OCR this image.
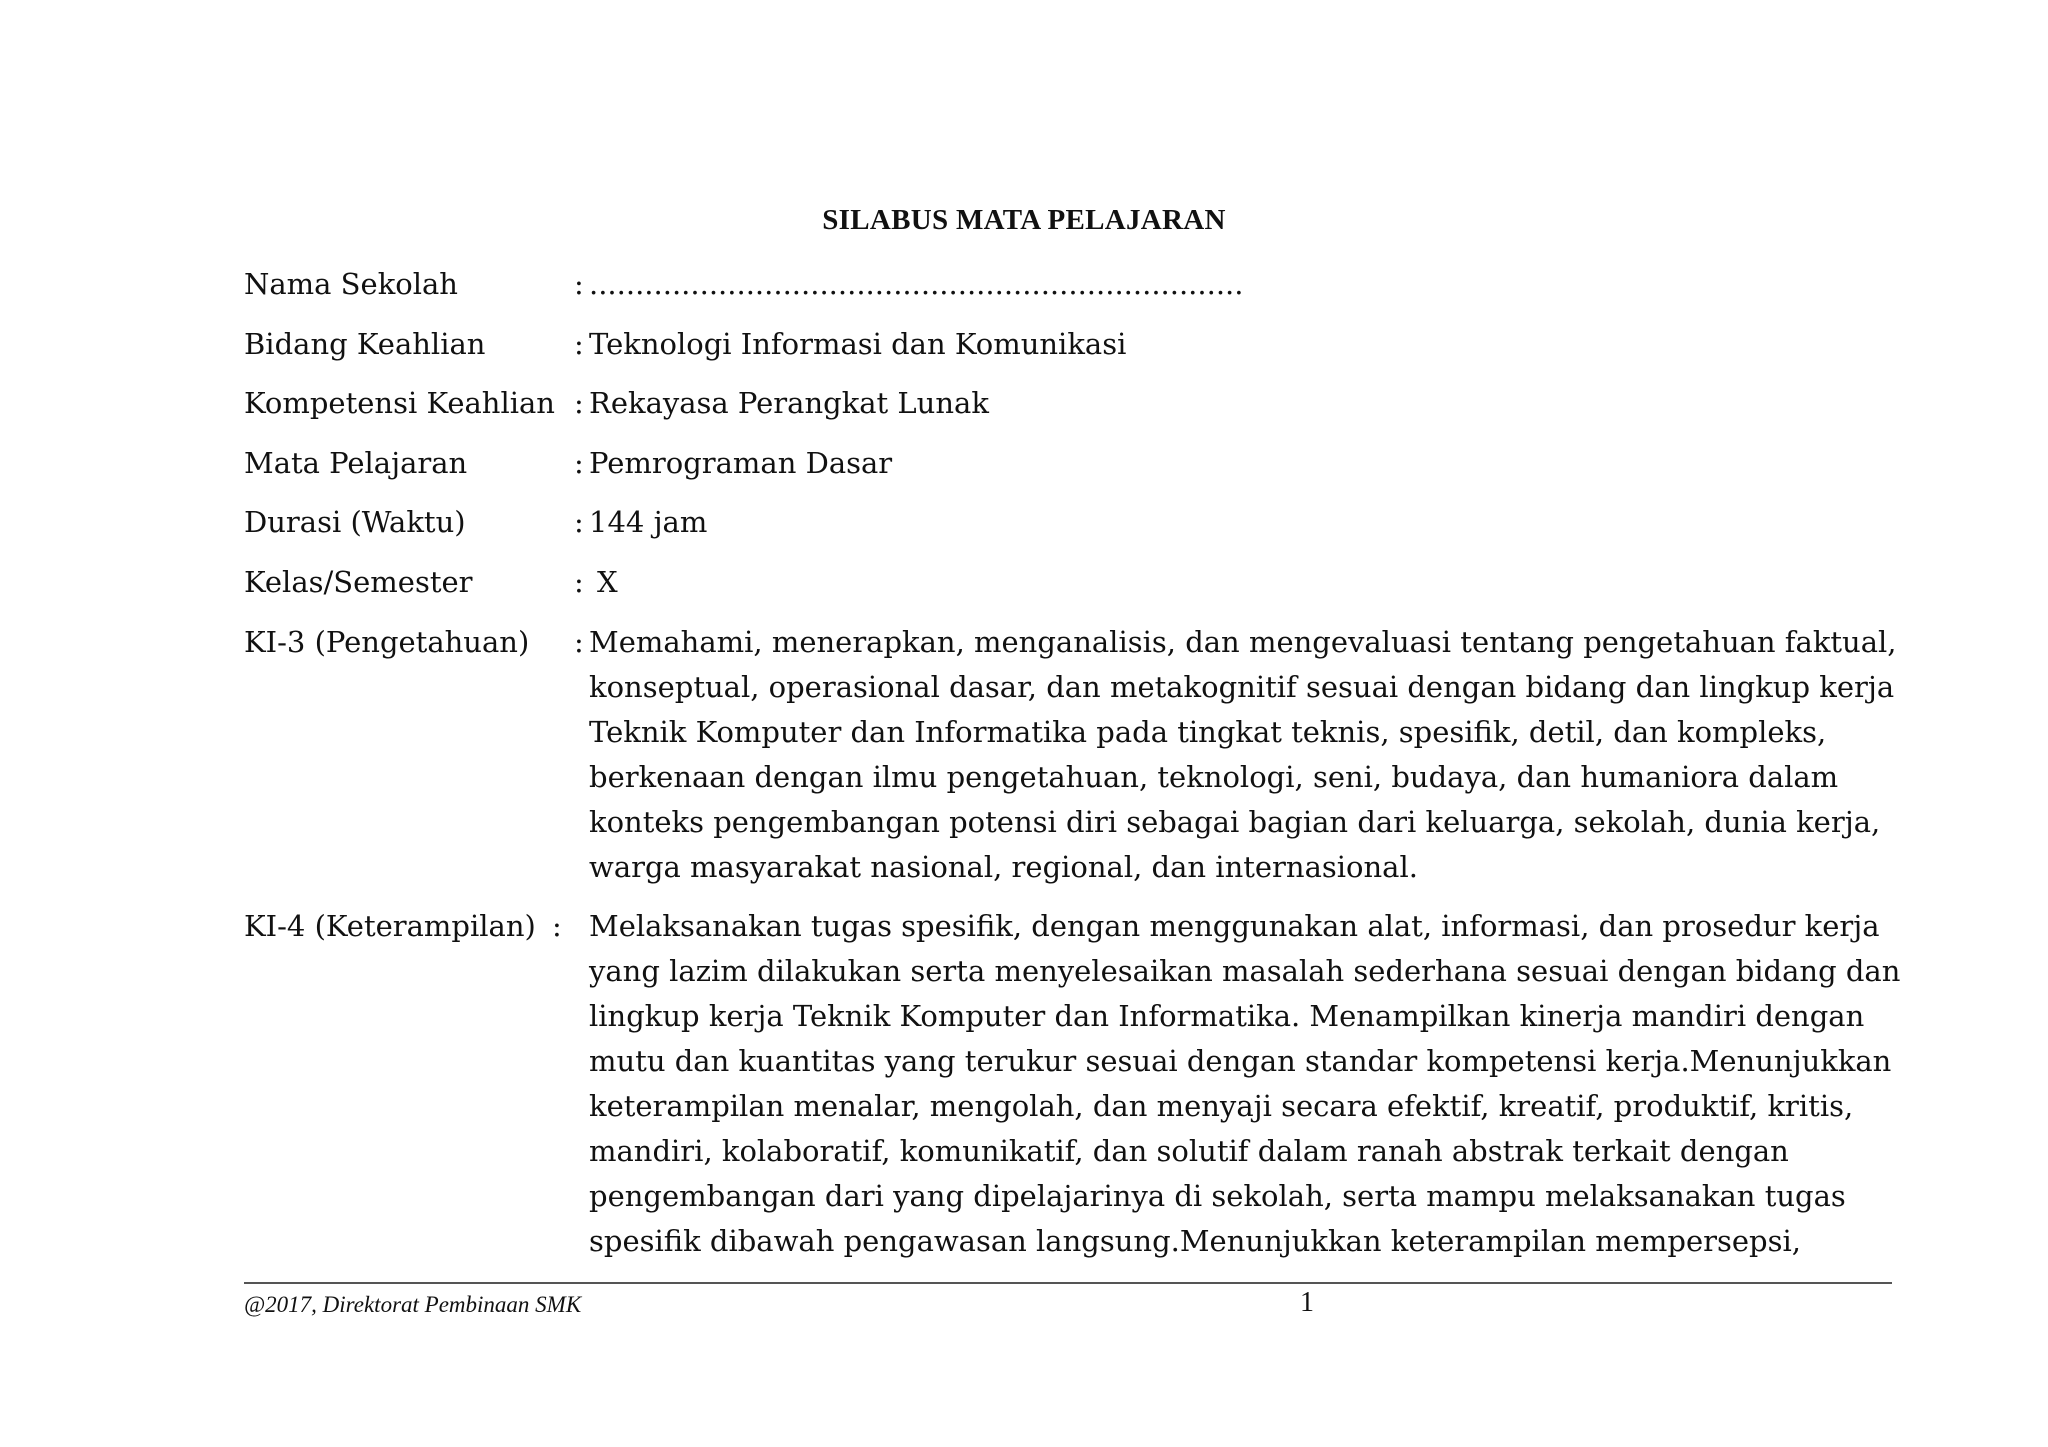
SILABUS MATA PELAJARAN
Nama Sekolah	: .......................................................................
Bidang Keahlian	: Teknologi Informasi dan Komunikasi
Kompetensi Keahlian : Rekayasa Perangkat Lunak
Mata Pelajaran	: Pemrograman Dasar
Durasi (Waktu)	: 144 jam
Kelas/Semester	: X
KI-3 (Pengetahuan) : Memahami, menerapkan, menganalisis, dan mengevaluasi tentang pengetahuan faktual,
konseptual, operasional dasar, dan metakognitif sesuai dengan bidang dan lingkup kerja
Teknik Komputer dan Informatika pada tingkat teknis, spesifik, detil, dan kompleks,
berkenaan dengan ilmu pengetahuan, teknologi, seni, budaya, dan humaniora dalam
konteks pengembangan potensi diri sebagai bagian dari keluarga, sekolah, dunia kerja,
warga masyarakat nasional, regional, dan internasional.
KI-4 (Keterampilan) : Melaksanakan tugas spesifik, dengan menggunakan alat, informasi, dan prosedur kerja
yang lazim dilakukan serta menyelesaikan masalah sederhana sesuai dengan bidang dan
lingkup kerja Teknik Komputer dan Informatika. Menampilkan kinerja mandiri dengan
mutu dan kuantitas yang terukur sesuai dengan standar kompetensi kerja.Menunjukkan
keterampilan menalar, mengolah, dan menyaji secara efektif, kreatif, produktif, kritis,
mandiri, kolaboratif, komunikatif, dan solutif dalam ranah abstrak terkait dengan
pengembangan dari yang dipelajarinya di sekolah, serta mampu melaksanakan tugas
spesifik dibawah pengawasan langsung.Menunjukkan keterampilan mempersepsi,
@2017, Direktorat Pembinaan SMK	1
